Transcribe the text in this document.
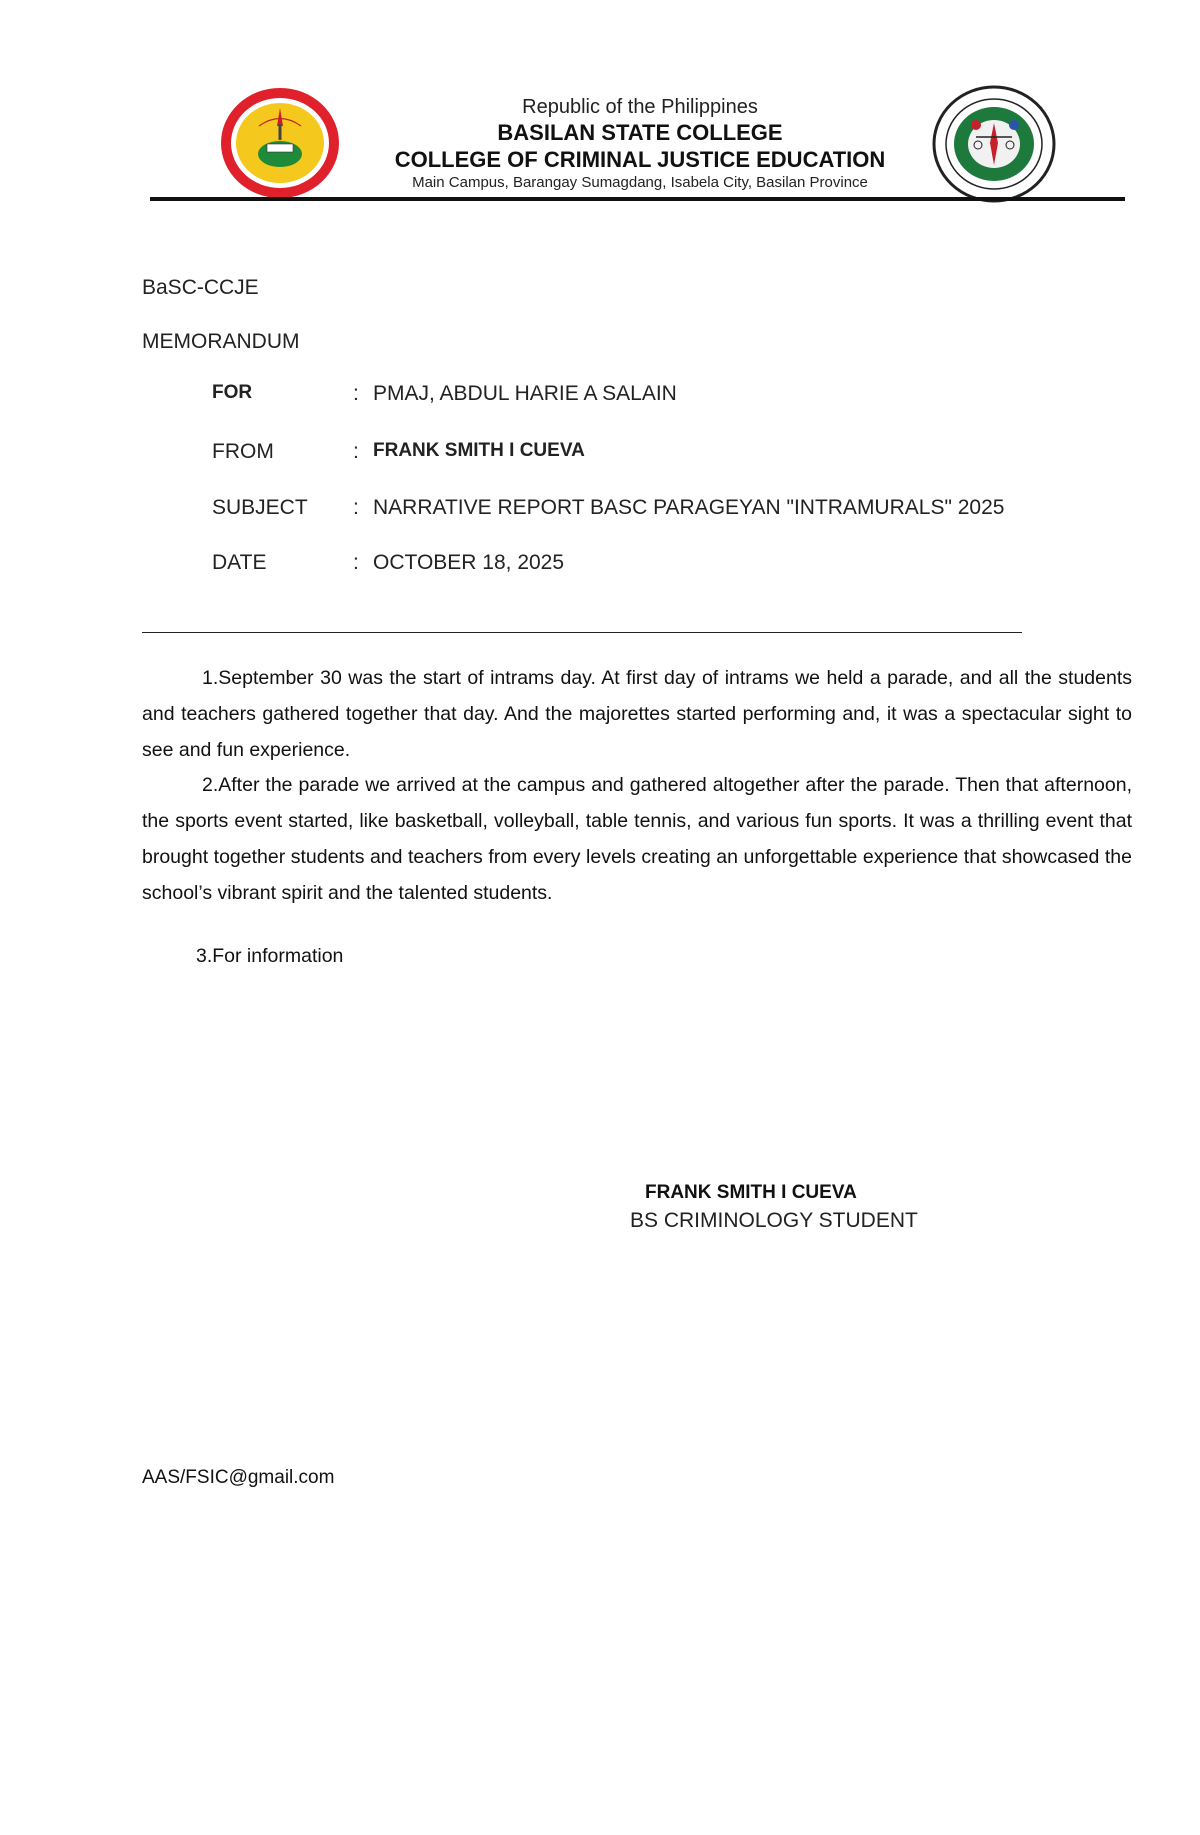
Republic of the Philippines
BASILAN STATE COLLEGE
COLLEGE OF CRIMINAL JUSTICE EDUCATION
Main Campus, Barangay Sumagdang, Isabela City, Basilan Province
BaSC-CCJE
MEMORANDUM
FOR	: PMAJ, ABDUL HARIE A SALAIN
FROM	: FRANK SMITH I CUEVA
SUBJECT : NARRATIVE REPORT BASC PARAGEYAN "INTRAMURALS" 2025
DATE	: OCTOBER 18, 2025
1.September 30 was the start of intrams day. At first day of intrams we held a parade, and all the students and teachers gathered together that day. And the majorettes started performing and, it was a spectacular sight to see and fun experience.
2.After the parade we arrived at the campus and gathered altogether after the parade. Then that afternoon, the sports event started, like basketball, volleyball, table tennis, and various fun sports. It was a thrilling event that brought together students and teachers from every levels creating an unforgettable experience that showcased the school’s vibrant spirit and the talented students.
3.For information
FRANK SMITH I CUEVA
BS CRIMINOLOGY STUDENT
AAS/FSIC@gmail.com
